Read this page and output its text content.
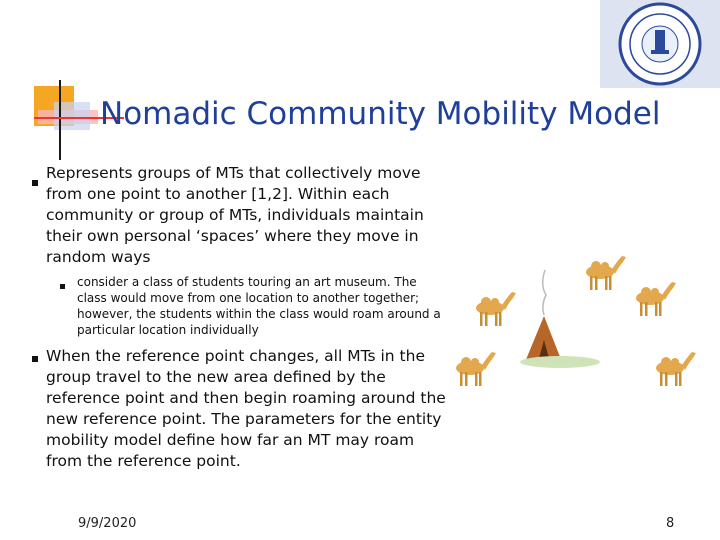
Nomadic Community Mobility Model
Represents groups of MTs that collectively move from one point to another [1,2]. Within each community or group of MTs, individuals maintain their own personal ‘spaces’ where they move in random ways
consider a class of students touring an art museum. The class would move from one location to another together; however, the students within the class would roam around a particular location individually
When the reference point changes, all MTs in the group travel to the new area defined by the reference point and then begin roaming around the new reference point. The parameters for the entity mobility model define how far an MT may roam from the reference point.
9/9/2020	8
